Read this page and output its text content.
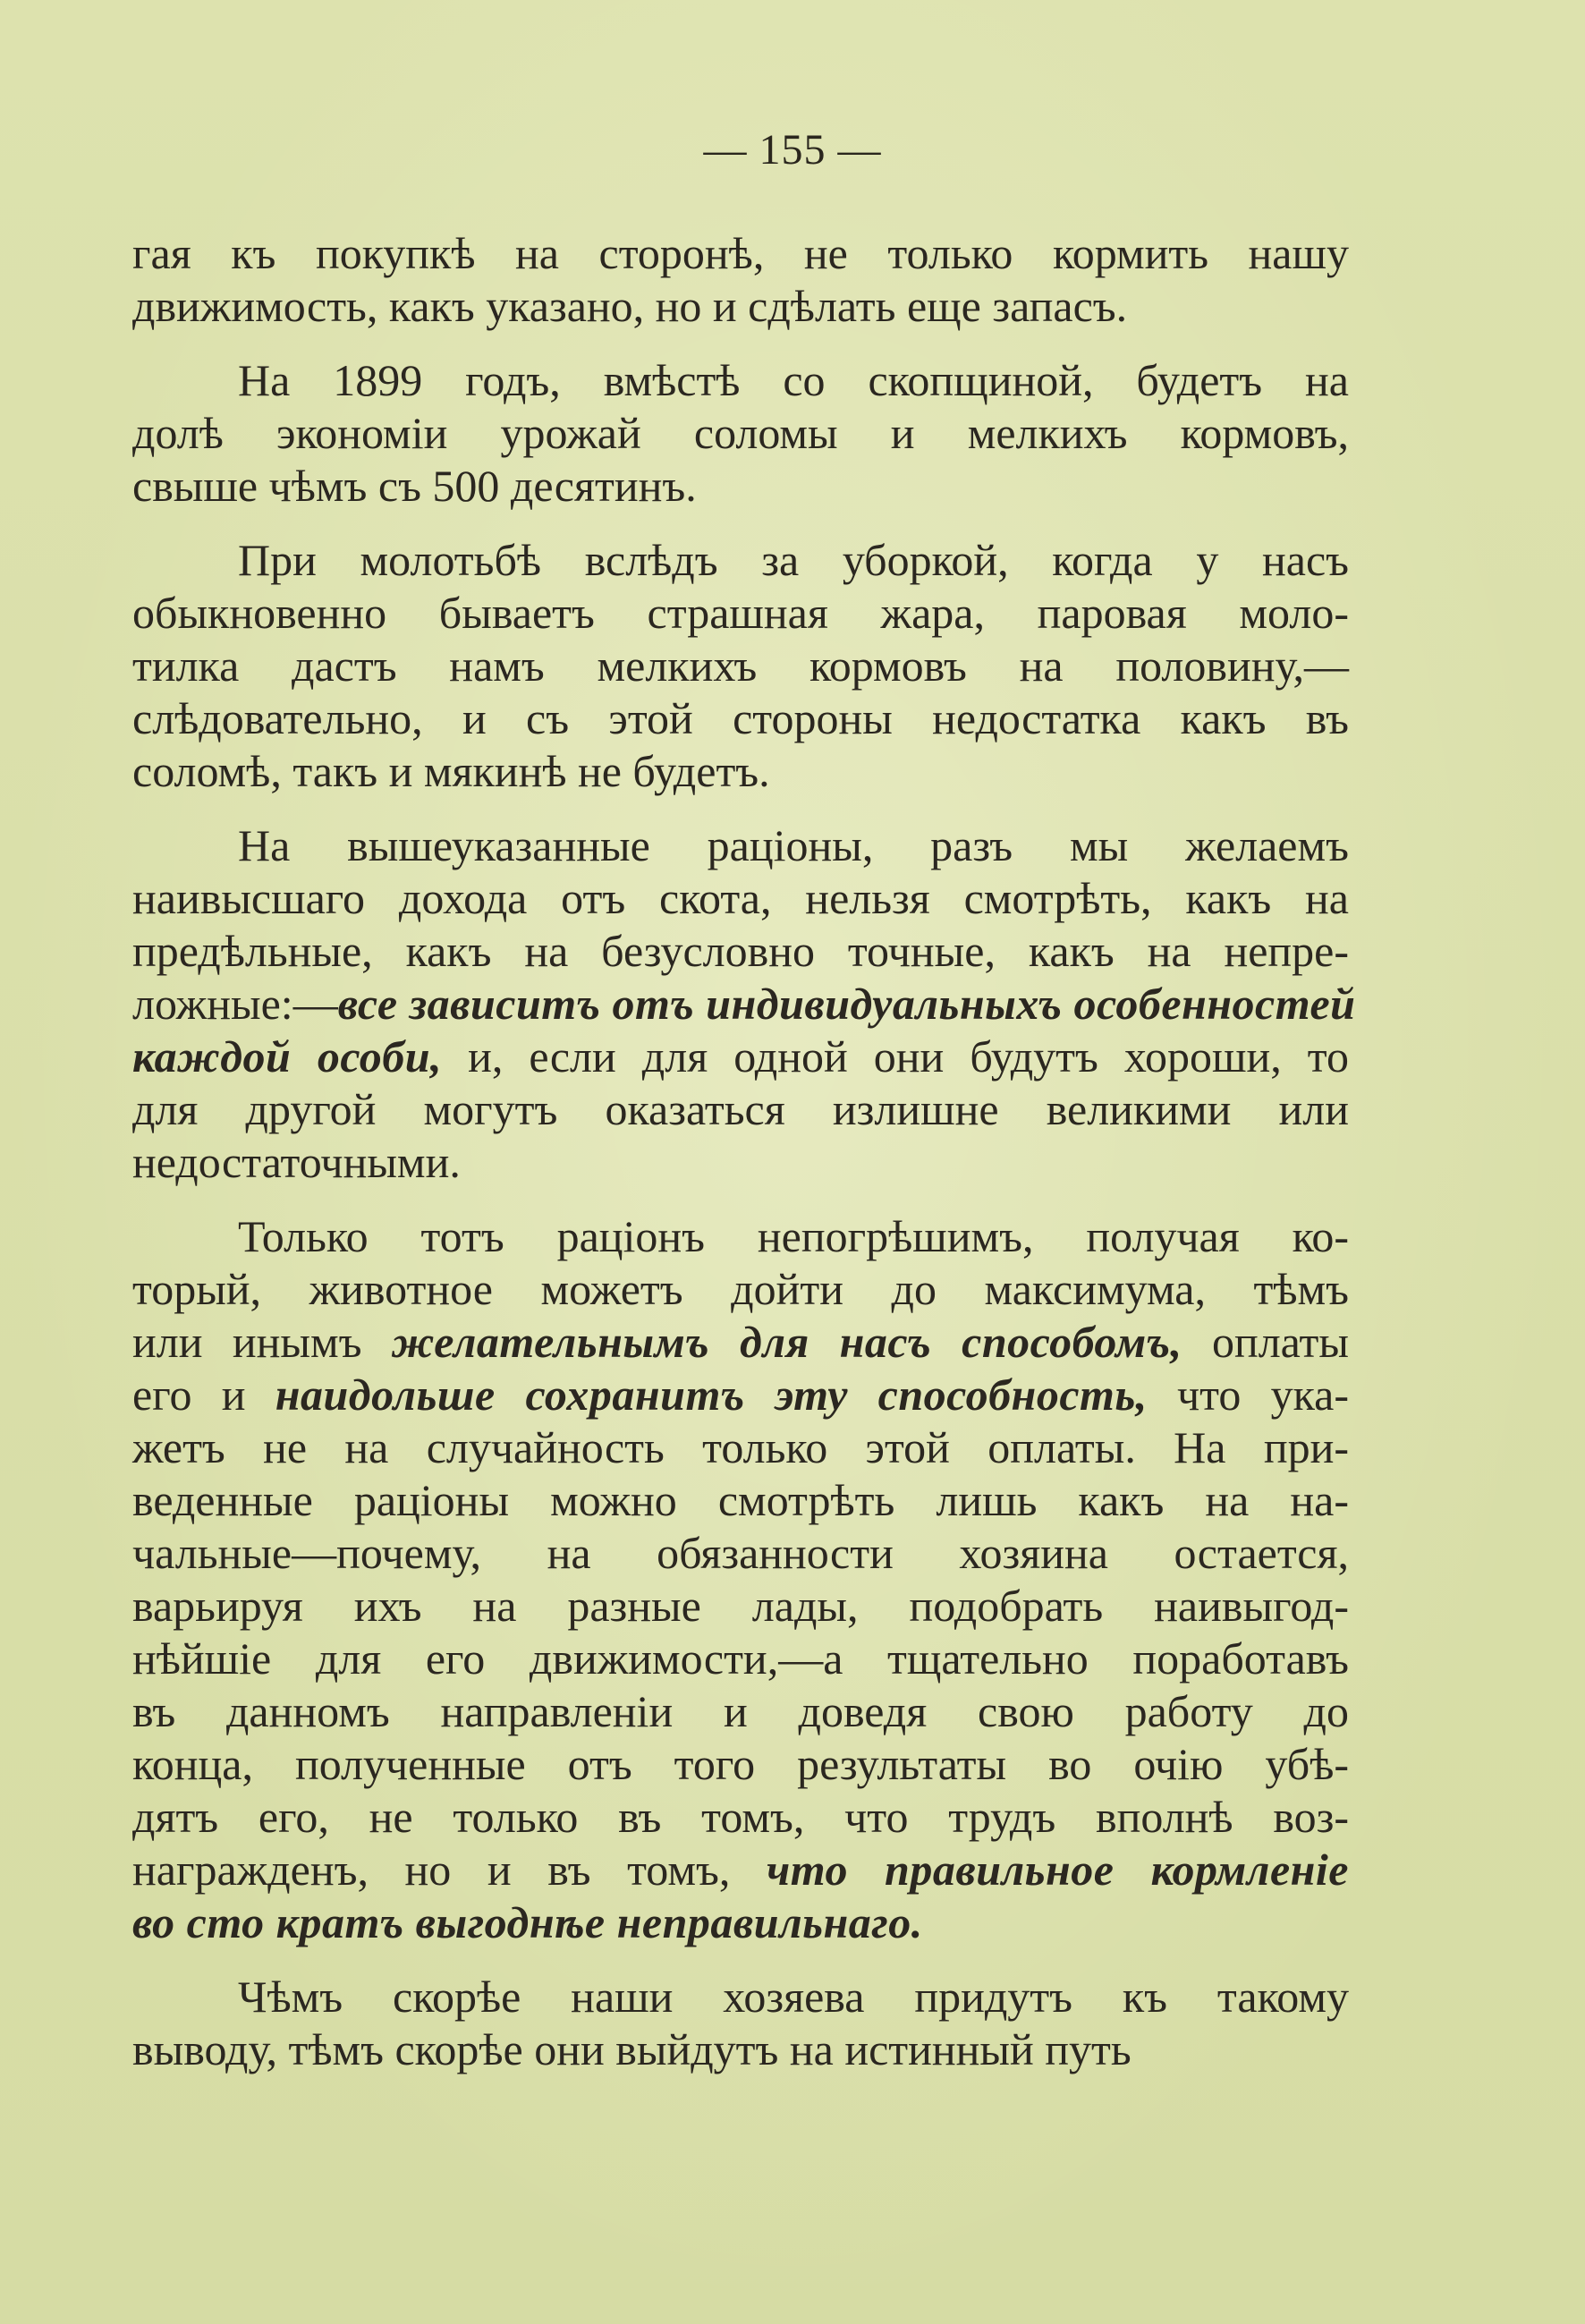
— 155 —
гая къ покупкѣ на сторонѣ, не только кормить нашу
движимость, какъ указано, но и сдѣлать еще запасъ.
На 1899 годъ, вмѣстѣ со скопщиной, будетъ на
долѣ экономіи урожай соломы и мелкихъ кормовъ,
свыше чѣмъ съ 500 десятинъ.
При молотьбѣ вслѣдъ за уборкой, когда у насъ
обыкновенно бываетъ страшная жара, паровая моло-
тилка дастъ намъ мелкихъ кормовъ на половину,—
слѣдовательно, и съ этой стороны недостатка какъ въ
соломѣ, такъ и мякинѣ не будетъ.
На вышеуказанные раціоны, разъ мы желаемъ
наивысшаго дохода отъ скота, нельзя смотрѣть, какъ на
предѣльные, какъ на безусловно точные, какъ на непре-
ложные:—все зависитъ отъ индивидуальныхъ особенностей
каждой особи, и, если для одной они будутъ хороши, то
для другой могутъ оказаться излишне великими или
недостаточными.
Только тотъ раціонъ непогрѣшимъ, получая ко-
торый, животное можетъ дойти до максимума, тѣмъ
или инымъ желательнымъ для насъ способомъ, оплаты
его и наидольше сохранитъ эту способность, что ука-
жетъ не на случайность только этой оплаты. На при-
веденные раціоны можно смотрѣть лишь какъ на на-
чальные—почему, на обязанности хозяина остается,
варьируя ихъ на разные лады, подобрать наивыгод-
нѣйшіе для его движимости,—а тщательно поработавъ
въ данномъ направленіи и доведя свою работу до
конца, полученные отъ того результаты во очію убѣ-
дятъ его, не только въ томъ, что трудъ вполнѣ воз-
награжденъ, но и въ томъ, что правильное кормленіе
во сто кратъ выгоднѣе неправильнаго.
Чѣмъ скорѣе наши хозяева придутъ къ такому
выводу, тѣмъ скорѣе они выйдутъ на истинный путь
